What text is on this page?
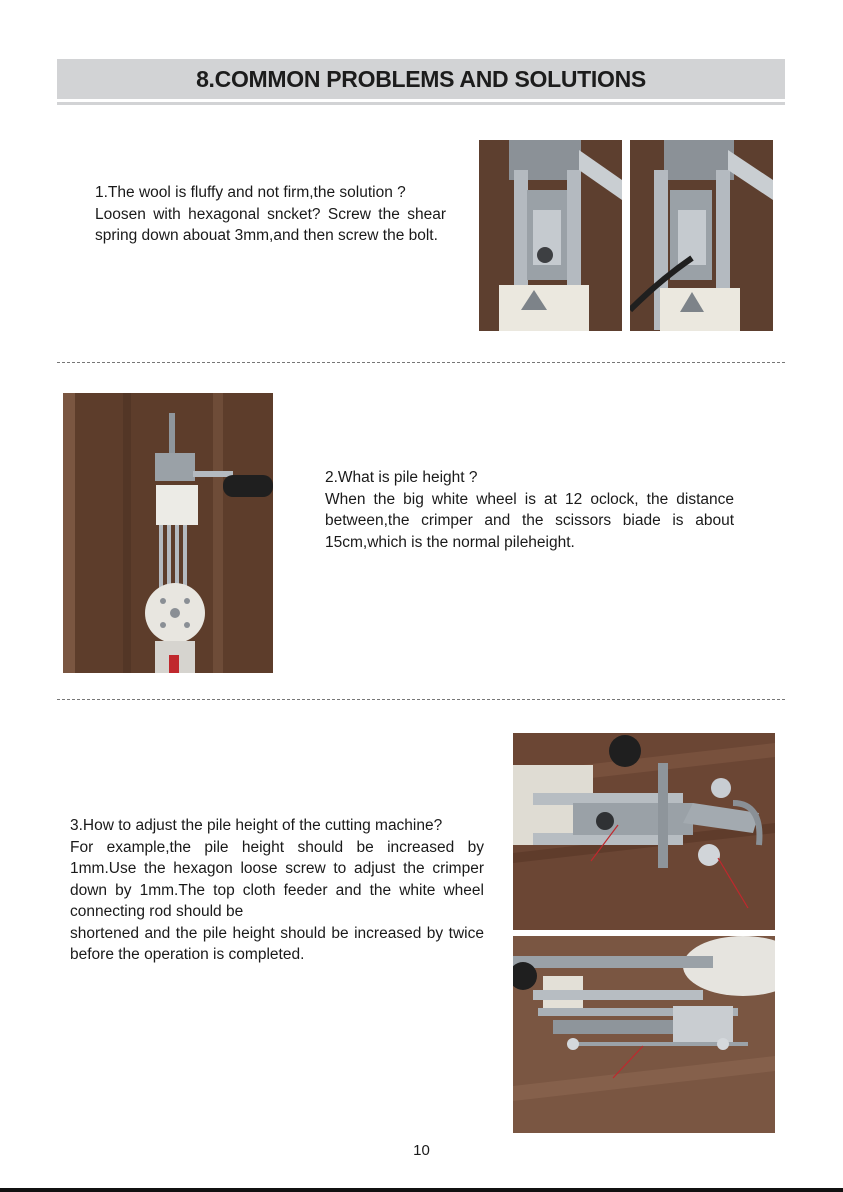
8.COMMON PROBLEMS AND SOLUTIONS

1.The wool is fluffy and not firm,the solution ?

Loosen with hexagonal sncket? Screw the shear spring down abouat 3mm,and then screw the bolt.

2.What is pile height ?

When the big white wheel is at 12 oclock, the distance between,the crimper and the scissors biade is about 15cm,which is the normal pileheight.

3.How to adjust the pile height of the cutting machine?

For example,the pile height should be increased by 1mm.Use the hexagon loose screw to adjust the crimper down by 1mm.The top cloth feeder and the white wheel connecting rod should be

shortened and the pile height should be increased by twice before the operation is completed.

10
